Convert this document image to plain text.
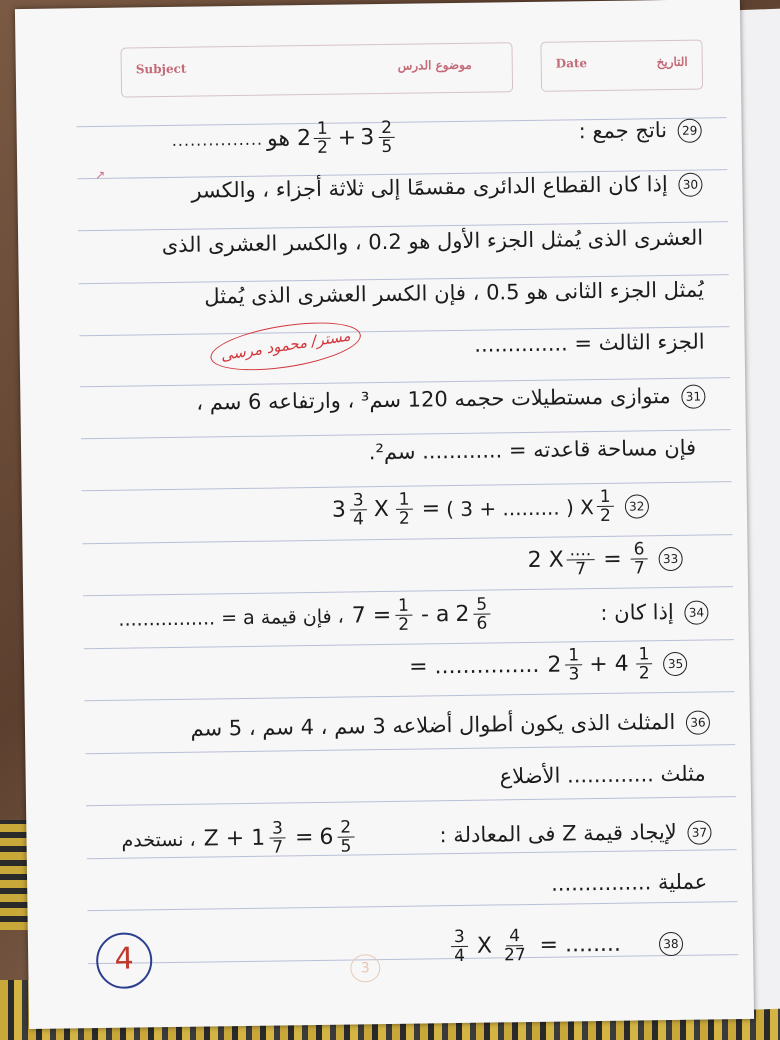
Subject	موضوع الدرس	Date	التاريخ
↗
29 ناتج جمع :
............... 2 هو $\frac{1}{2} + 3 \frac{2}{5}$
30 إذا كان القطاع الدائرى مقسمًا إلى ثلاثة أجزاء ، والكسر
العشرى الذى يُمثل الجزء الأول هو 0.2 ، والكسر العشرى الذى
يُمثل الجزء الثانى هو 0.5 ، فإن الكسر العشرى الذى يُمثل
الجزء الثالث = ..............
مستر/ محمود مرسى
31 متوازى مستطيلات حجمه 120 سم³ ، وارتفاعه 6 سم ،
فإن مساحة قاعدته = ............ سم².
$3 \frac{3}{4}$ X $\frac{1}{2}$ = ( 3 + ......... ) X $\frac{1}{2}$	32
2 X $\frac{....}{7} = \frac{6}{7}$	33
34 إذا كان :
، فإن قيمة a = ................ = $7 \frac{1}{2}$ - a $2 \frac{5}{6}$
= ............... $2 \frac{1}{3} + 4 \frac{1}{2}$	35
36 المثلث الذى يكون أطوال أضلاعه 3 سم ، 4 سم ، 5 سم
مثلث ............. الأضلاع
37 لإيجاد قيمة Z فى المعادلة :
، نستخدم $Z + 1 \frac{3}{7} = 6 \frac{2}{5}$
عملية ...............
$\frac{3}{4}$ X $\frac{4}{27}$ = ........	38
4	3
